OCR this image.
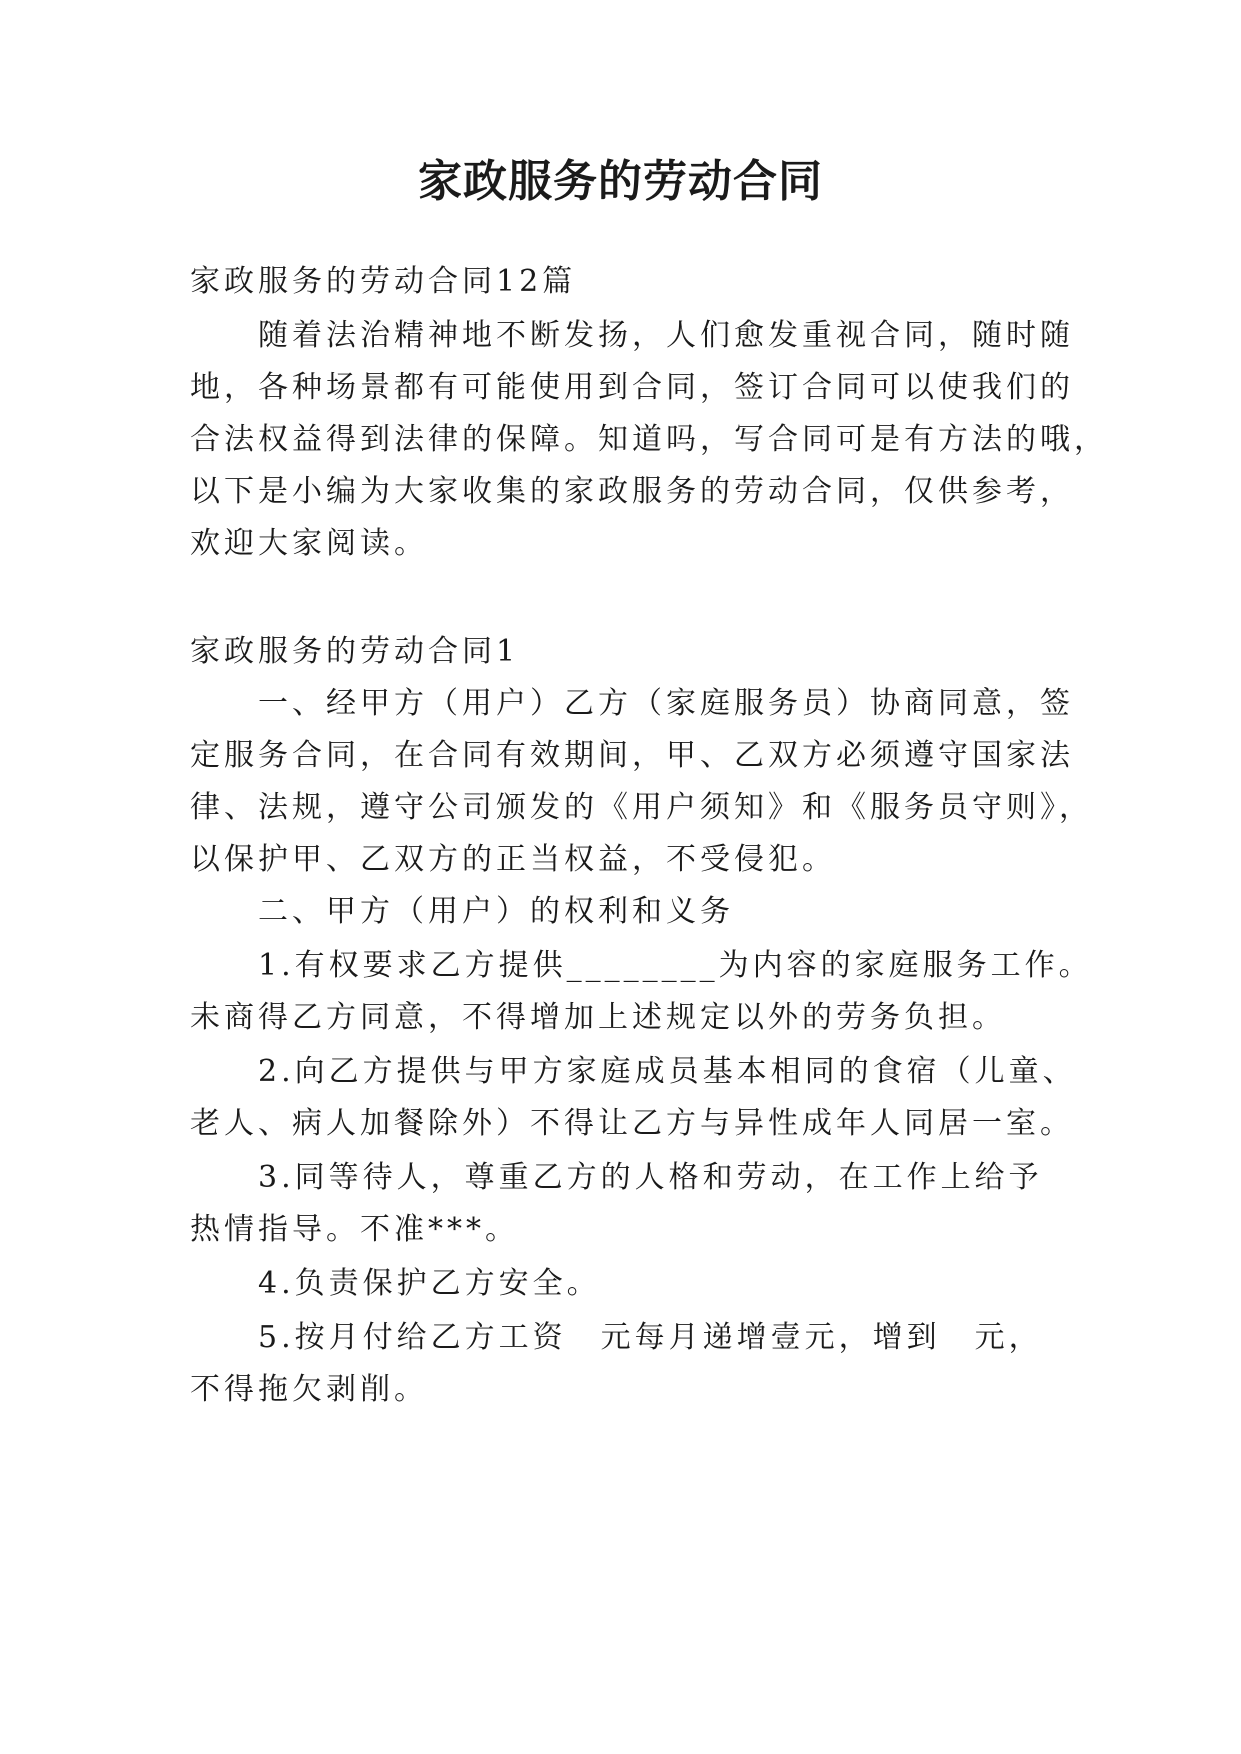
家政服务的劳动合同

家政服务的劳动合同12篇

随着法治精神地不断发扬，人们愈发重视合同，随时随

地，各种场景都有可能使用到合同，签订合同可以使我们的

合法权益得到法律的保障。知道吗，写合同可是有方法的哦，

以下是小编为大家收集的家政服务的劳动合同，仅供参考，

欢迎大家阅读。

家政服务的劳动合同1

一、经甲方（用户）乙方（家庭服务员）协商同意，签

定服务合同，在合同有效期间，甲、乙双方必须遵守国家法

律、法规，遵守公司颁发的《用户须知》和《服务员守则》，

以保护甲、乙双方的正当权益，不受侵犯。

二、甲方（用户）的权利和义务

1.有权要求乙方提供________为内容的家庭服务工作。

未商得乙方同意，不得增加上述规定以外的劳务负担。

2.向乙方提供与甲方家庭成员基本相同的食宿（儿童、

老人、病人加餐除外）不得让乙方与异性成年人同居一室。

3.同等待人，尊重乙方的人格和劳动，在工作上给予

热情指导。不准***。

4.负责保护乙方安全。

5.按月付给乙方工资　元每月递增壹元，增到　元，

不得拖欠剥削。
